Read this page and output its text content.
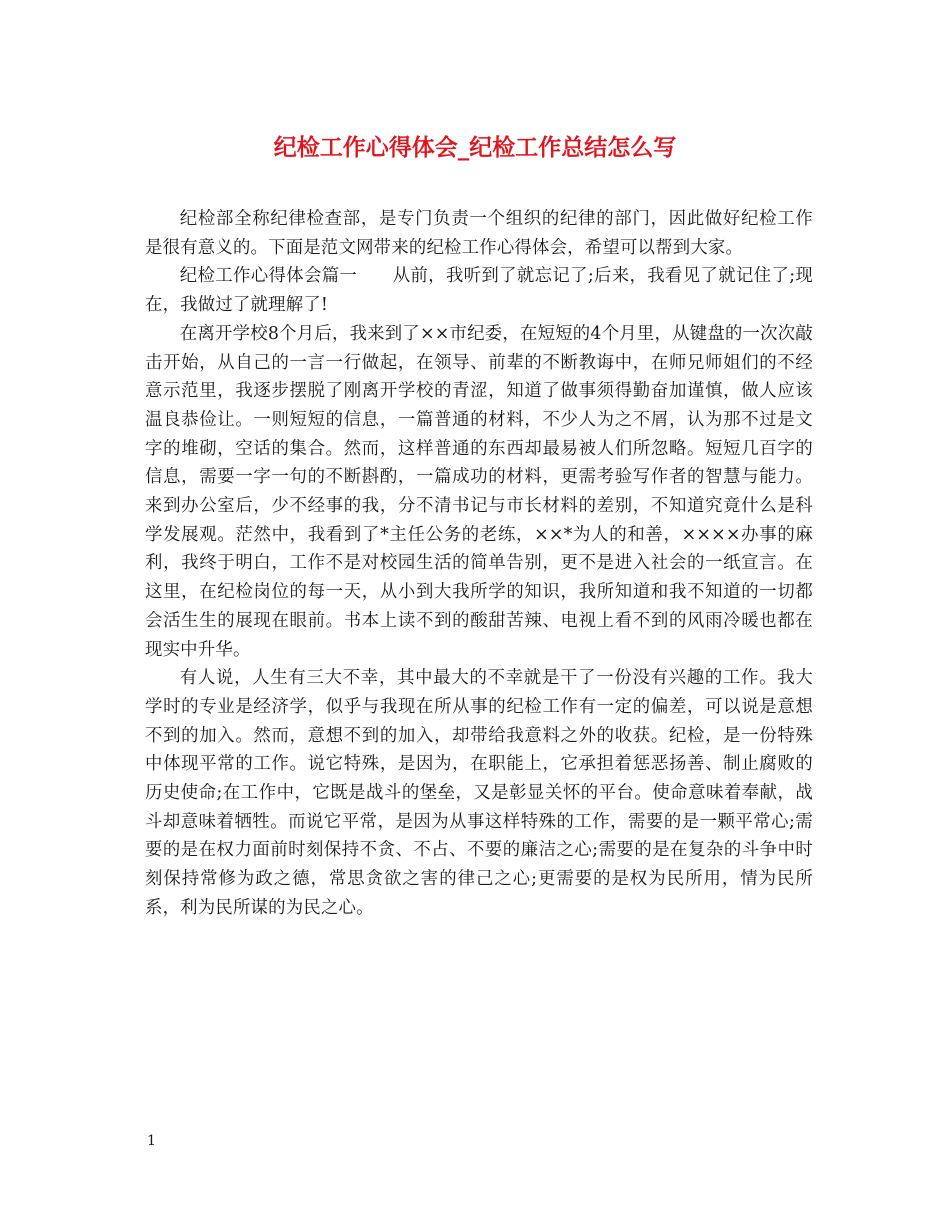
纪检工作心得体会_纪检工作总结怎么写

纪检部全称纪律检查部，是专门负责一个组织的纪律的部门，因此做好纪检工作是很有意义的。下面是范文网带来的纪检工作心得体会，希望可以帮到大家。

纪检工作心得体会篇一　　从前，我听到了就忘记了;后来，我看见了就记住了;现在，我做过了就理解了!

在离开学校8个月后，我来到了××市纪委，在短短的4个月里，从键盘的一次次敲击开始，从自己的一言一行做起，在领导、前辈的不断教诲中，在师兄师姐们的不经意示范里，我逐步摆脱了刚离开学校的青涩，知道了做事须得勤奋加谨慎，做人应该温良恭俭让。一则短短的信息，一篇普通的材料，不少人为之不屑，认为那不过是文字的堆砌，空话的集合。然而，这样普通的东西却最易被人们所忽略。短短几百字的信息，需要一字一句的不断斟酌，一篇成功的材料，更需考验写作者的智慧与能力。来到办公室后，少不经事的我，分不清书记与市长材料的差别，不知道究竟什么是科学发展观。茫然中，我看到了*主任公务的老练，××*为人的和善，××××办事的麻利，我终于明白，工作不是对校园生活的简单告别，更不是进入社会的一纸宣言。在这里，在纪检岗位的每一天，从小到大我所学的知识，我所知道和我不知道的一切都会活生生的展现在眼前。书本上读不到的酸甜苦辣、电视上看不到的风雨冷暖也都在现实中升华。

有人说，人生有三大不幸，其中最大的不幸就是干了一份没有兴趣的工作。我大学时的专业是经济学，似乎与我现在所从事的纪检工作有一定的偏差，可以说是意想不到的加入。然而，意想不到的加入，却带给我意料之外的收获。纪检，是一份特殊中体现平常的工作。说它特殊，是因为，在职能上，它承担着惩恶扬善、制止腐败的历史使命;在工作中，它既是战斗的堡垒，又是彰显关怀的平台。使命意味着奉献，战斗却意味着牺牲。而说它平常，是因为从事这样特殊的工作，需要的是一颗平常心;需要的是在权力面前时刻保持不贪、不占、不要的廉洁之心;需要的是在复杂的斗争中时刻保持常修为政之德，常思贪欲之害的律己之心;更需要的是权为民所用，情为民所系，利为民所谋的为民之心。

1
